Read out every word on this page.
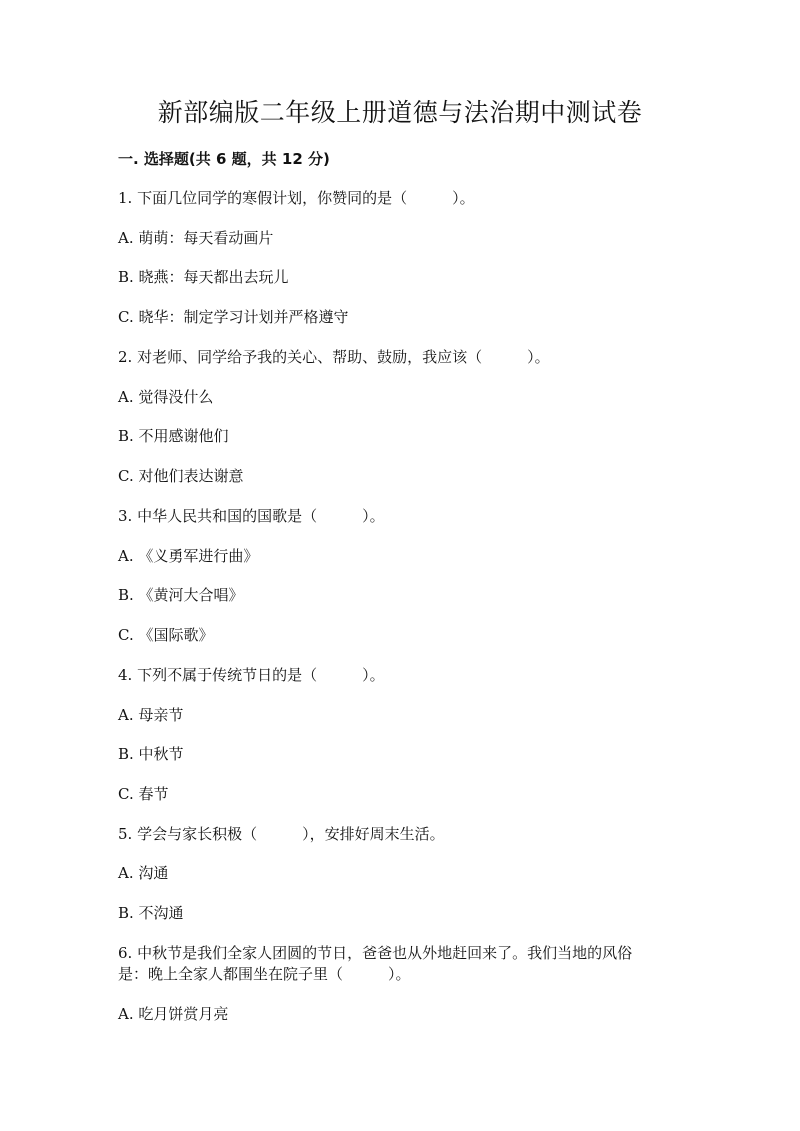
新部编版二年级上册道德与法治期中测试卷
一. 选择题(共 6 题，共 12 分)
1. 下面几位同学的寒假计划，你赞同的是（　　　）。
A. 萌萌：每天看动画片
B. 晓燕：每天都出去玩儿
C. 晓华：制定学习计划并严格遵守
2. 对老师、同学给予我的关心、帮助、鼓励，我应该（　　　）。
A. 觉得没什么
B. 不用感谢他们
C. 对他们表达谢意
3. 中华人民共和国的国歌是（　　　）。
A. 《义勇军进行曲》
B. 《黄河大合唱》
C. 《国际歌》
4. 下列不属于传统节日的是（　　　）。
A. 母亲节
B. 中秋节
C. 春节
5. 学会与家长积极（　　　），安排好周末生活。
A. 沟通
B. 不沟通
6. 中秋节是我们全家人团圆的节日，爸爸也从外地赶回来了。我们当地的风俗
是：晚上全家人都围坐在院子里（　　　）。
A. 吃月饼赏月亮
